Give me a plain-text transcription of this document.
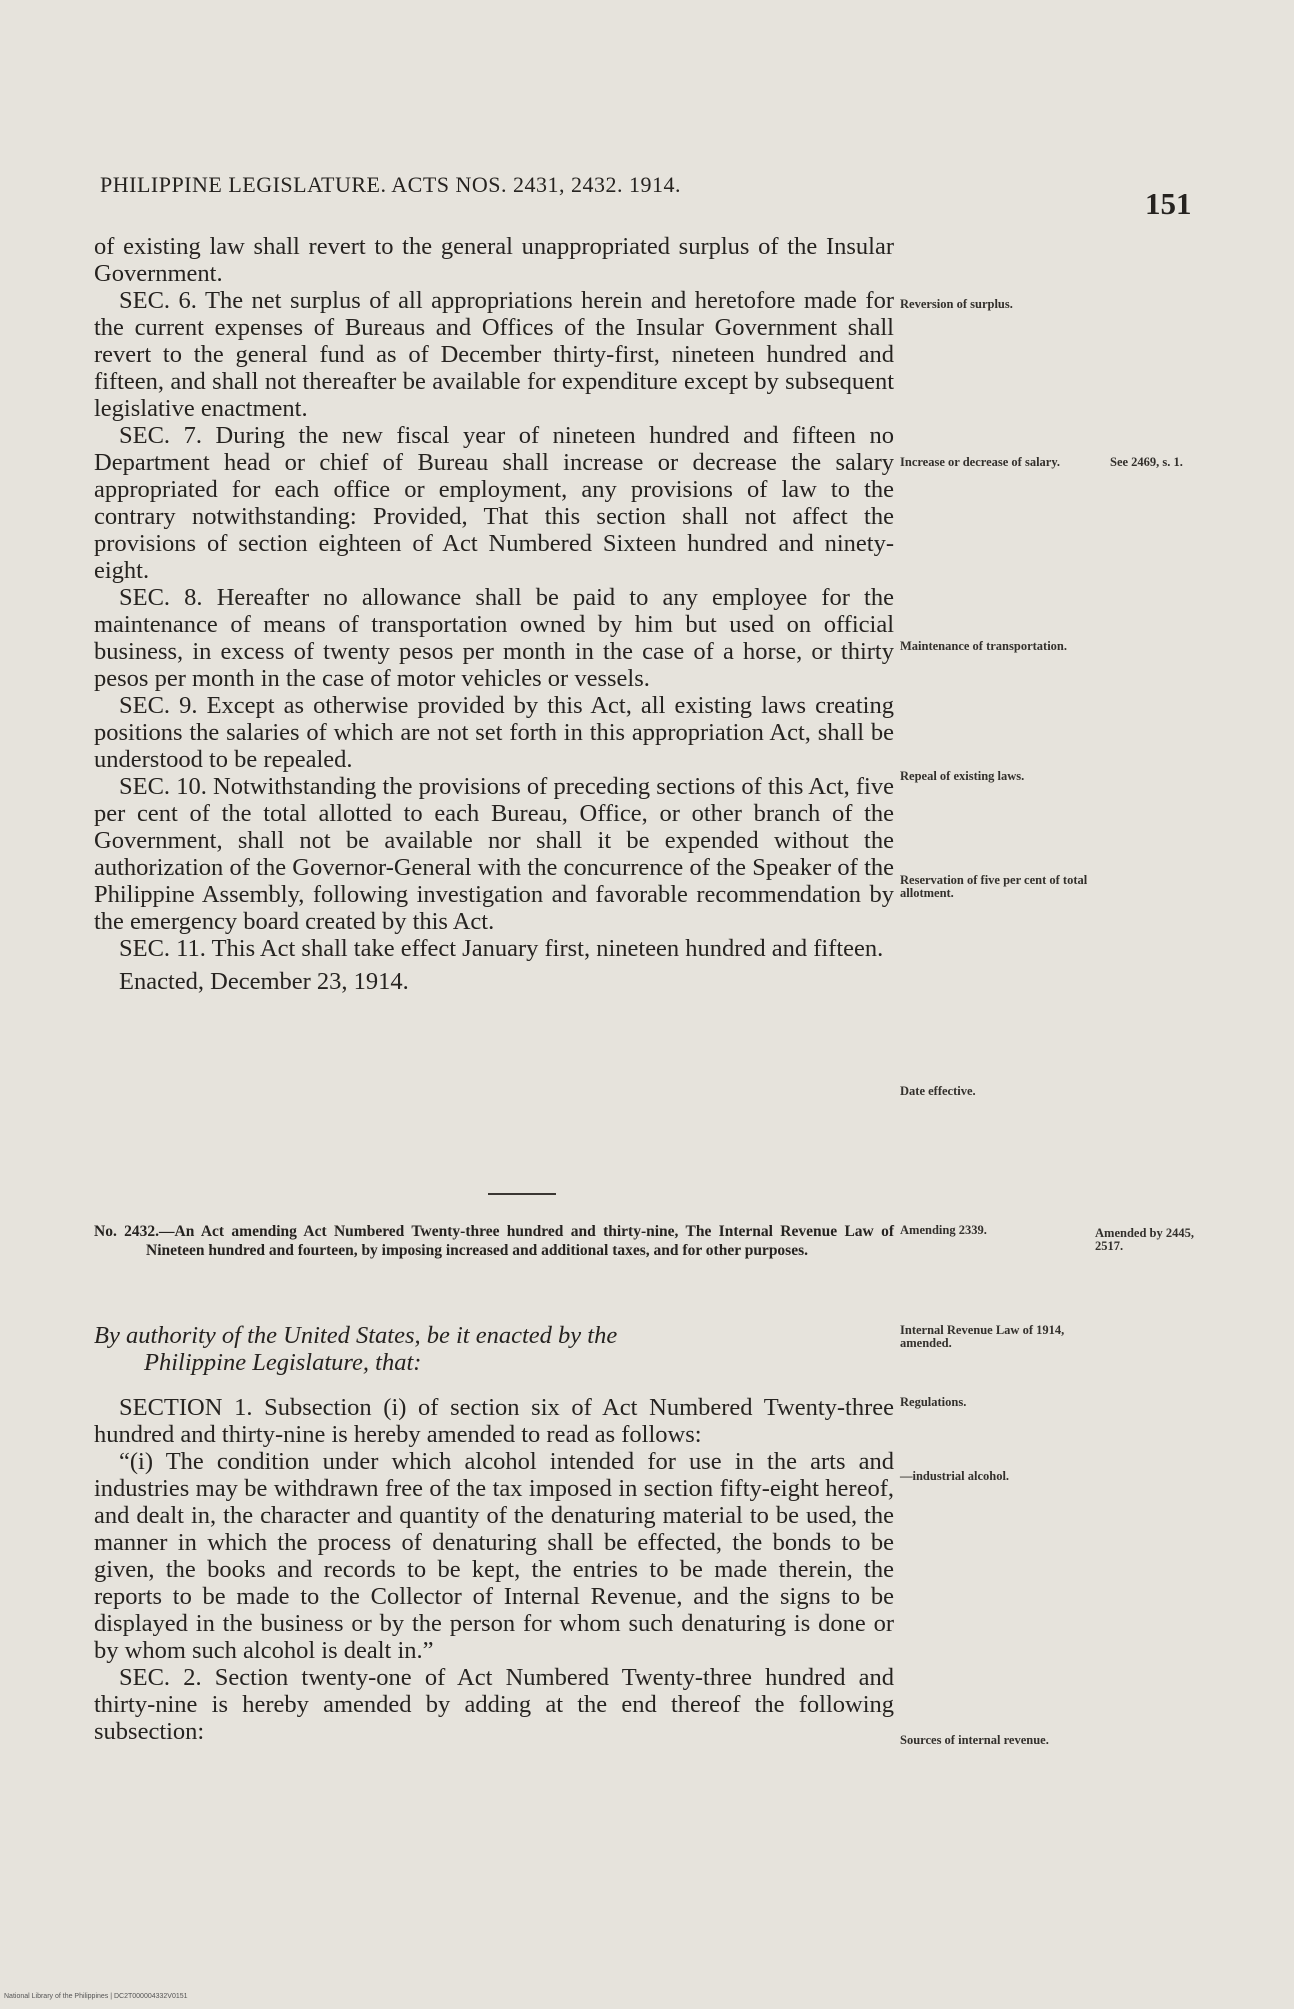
PHILIPPINE LEGISLATURE. ACTS NOS. 2431, 2432. 1914.
151

of existing law shall revert to the general unappropriated surplus of the Insular Government.

SEC. 6. The net surplus of all appropriations herein and heretofore made for the current expenses of Bureaus and Offices of the Insular Government shall revert to the general fund as of December thirty-first, nineteen hundred and fifteen, and shall not thereafter be available for expenditure except by subsequent legislative enactment.

SEC. 7. During the new fiscal year of nineteen hundred and fifteen no Department head or chief of Bureau shall increase or decrease the salary appropriated for each office or employment, any provisions of law to the contrary notwithstanding: Provided, That this section shall not affect the provisions of section eighteen of Act Numbered Sixteen hundred and ninety-eight.

SEC. 8. Hereafter no allowance shall be paid to any employee for the maintenance of means of transportation owned by him but used on official business, in excess of twenty pesos per month in the case of a horse, or thirty pesos per month in the case of motor vehicles or vessels.

SEC. 9. Except as otherwise provided by this Act, all existing laws creating positions the salaries of which are not set forth in this appropriation Act, shall be understood to be repealed.

SEC. 10. Notwithstanding the provisions of preceding sections of this Act, five per cent of the total allotted to each Bureau, Office, or other branch of the Government, shall not be available nor shall it be expended without the authorization of the Governor-General with the concurrence of the Speaker of the Philippine Assembly, following investigation and favorable recommendation by the emergency board created by this Act.

SEC. 11. This Act shall take effect January first, nineteen hundred and fifteen.

Enacted, December 23, 1914.

No. 2432.—An Act amending Act Numbered Twenty-three hundred and thirty-nine, The Internal Revenue Law of Nineteen hundred and fourteen, by imposing increased and additional taxes, and for other purposes.
By authority of the United States, be it enacted by the
Philippine Legislature, that:

SECTION 1. Subsection (i) of section six of Act Numbered Twenty-three hundred and thirty-nine is hereby amended to read as follows:

“(i) The condition under which alcohol intended for use in the arts and industries may be withdrawn free of the tax imposed in section fifty-eight hereof, and dealt in, the character and quantity of the denaturing material to be used, the manner in which the process of denaturing shall be effected, the bonds to be given, the books and records to be kept, the entries to be made therein, the reports to be made to the Collector of Internal Revenue, and the signs to be displayed in the business or by the person for whom such denaturing is done or by whom such alcohol is dealt in.”

SEC. 2. Section twenty-one of Act Numbered Twenty-three hundred and thirty-nine is hereby amended by adding at the end thereof the following subsection:

Reversion of surplus.
Increase or decrease of salary.	See 2469, s. 1.
Maintenance of transportation.
Repeal of existing laws.
Reservation of five per cent of total allotment.
Date effective.
Amending 2339.	Amended by 2445, 2517.
Internal Revenue Law of 1914, amended.
Regulations.
—industrial alcohol.
Sources of internal revenue.
National Library of the Philippines | DC2T000004332V0151
